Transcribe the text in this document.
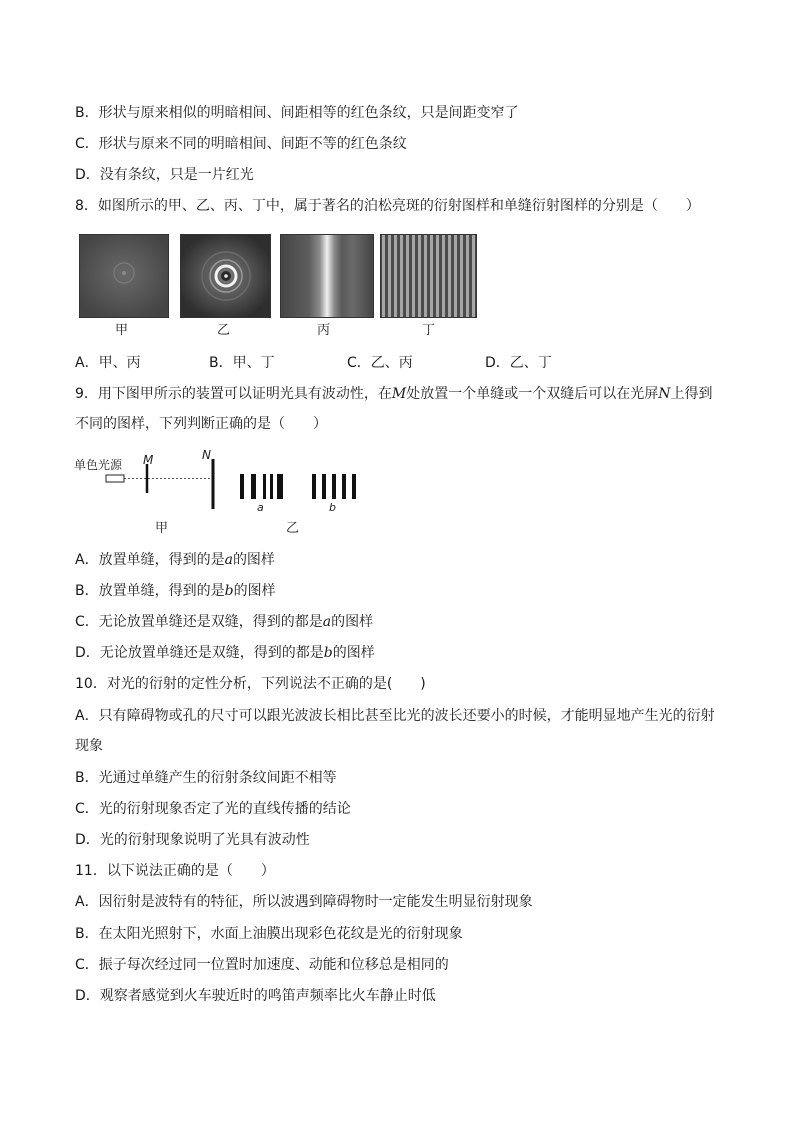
B．形状与原来相似的明暗相间、间距相等的红色条纹，只是间距变窄了
C．形状与原来不同的明暗相间、间距不等的红色条纹
D．没有条纹，只是一片红光
8．如图所示的甲、乙、丙、丁中，属于著名的泊松亮斑的衍射图样和单缝衍射图样的分别是（　　）
甲	乙	丙	丁
A．甲、丙	B．甲、丁	C．乙、丙	D．乙、丁
9．用下图甲所示的装置可以证明光具有波动性，在M处放置一个单缝或一个双缝后可以在光屏N上得到
不同的图样，下列判断正确的是（　　）
单色光源 M	N
a	b
甲	乙
A．放置单缝，得到的是a的图样
B．放置单缝，得到的是b的图样
C．无论放置单缝还是双缝，得到的都是a的图样
D．无论放置单缝还是双缝，得到的都是b的图样
10．对光的衍射的定性分析，下列说法不正确的是(　　)
A．只有障碍物或孔的尺寸可以跟光波波长相比甚至比光的波长还要小的时候，才能明显地产生光的衍射
现象
B．光通过单缝产生的衍射条纹间距不相等
C．光的衍射现象否定了光的直线传播的结论
D．光的衍射现象说明了光具有波动性
11．以下说法正确的是（　　）
A．因衍射是波特有的特征，所以波遇到障碍物时一定能发生明显衍射现象
B．在太阳光照射下，水面上油膜出现彩色花纹是光的衍射现象
C．振子每次经过同一位置时加速度、动能和位移总是相同的
D．观察者感觉到火车驶近时的鸣笛声频率比火车静止时低
